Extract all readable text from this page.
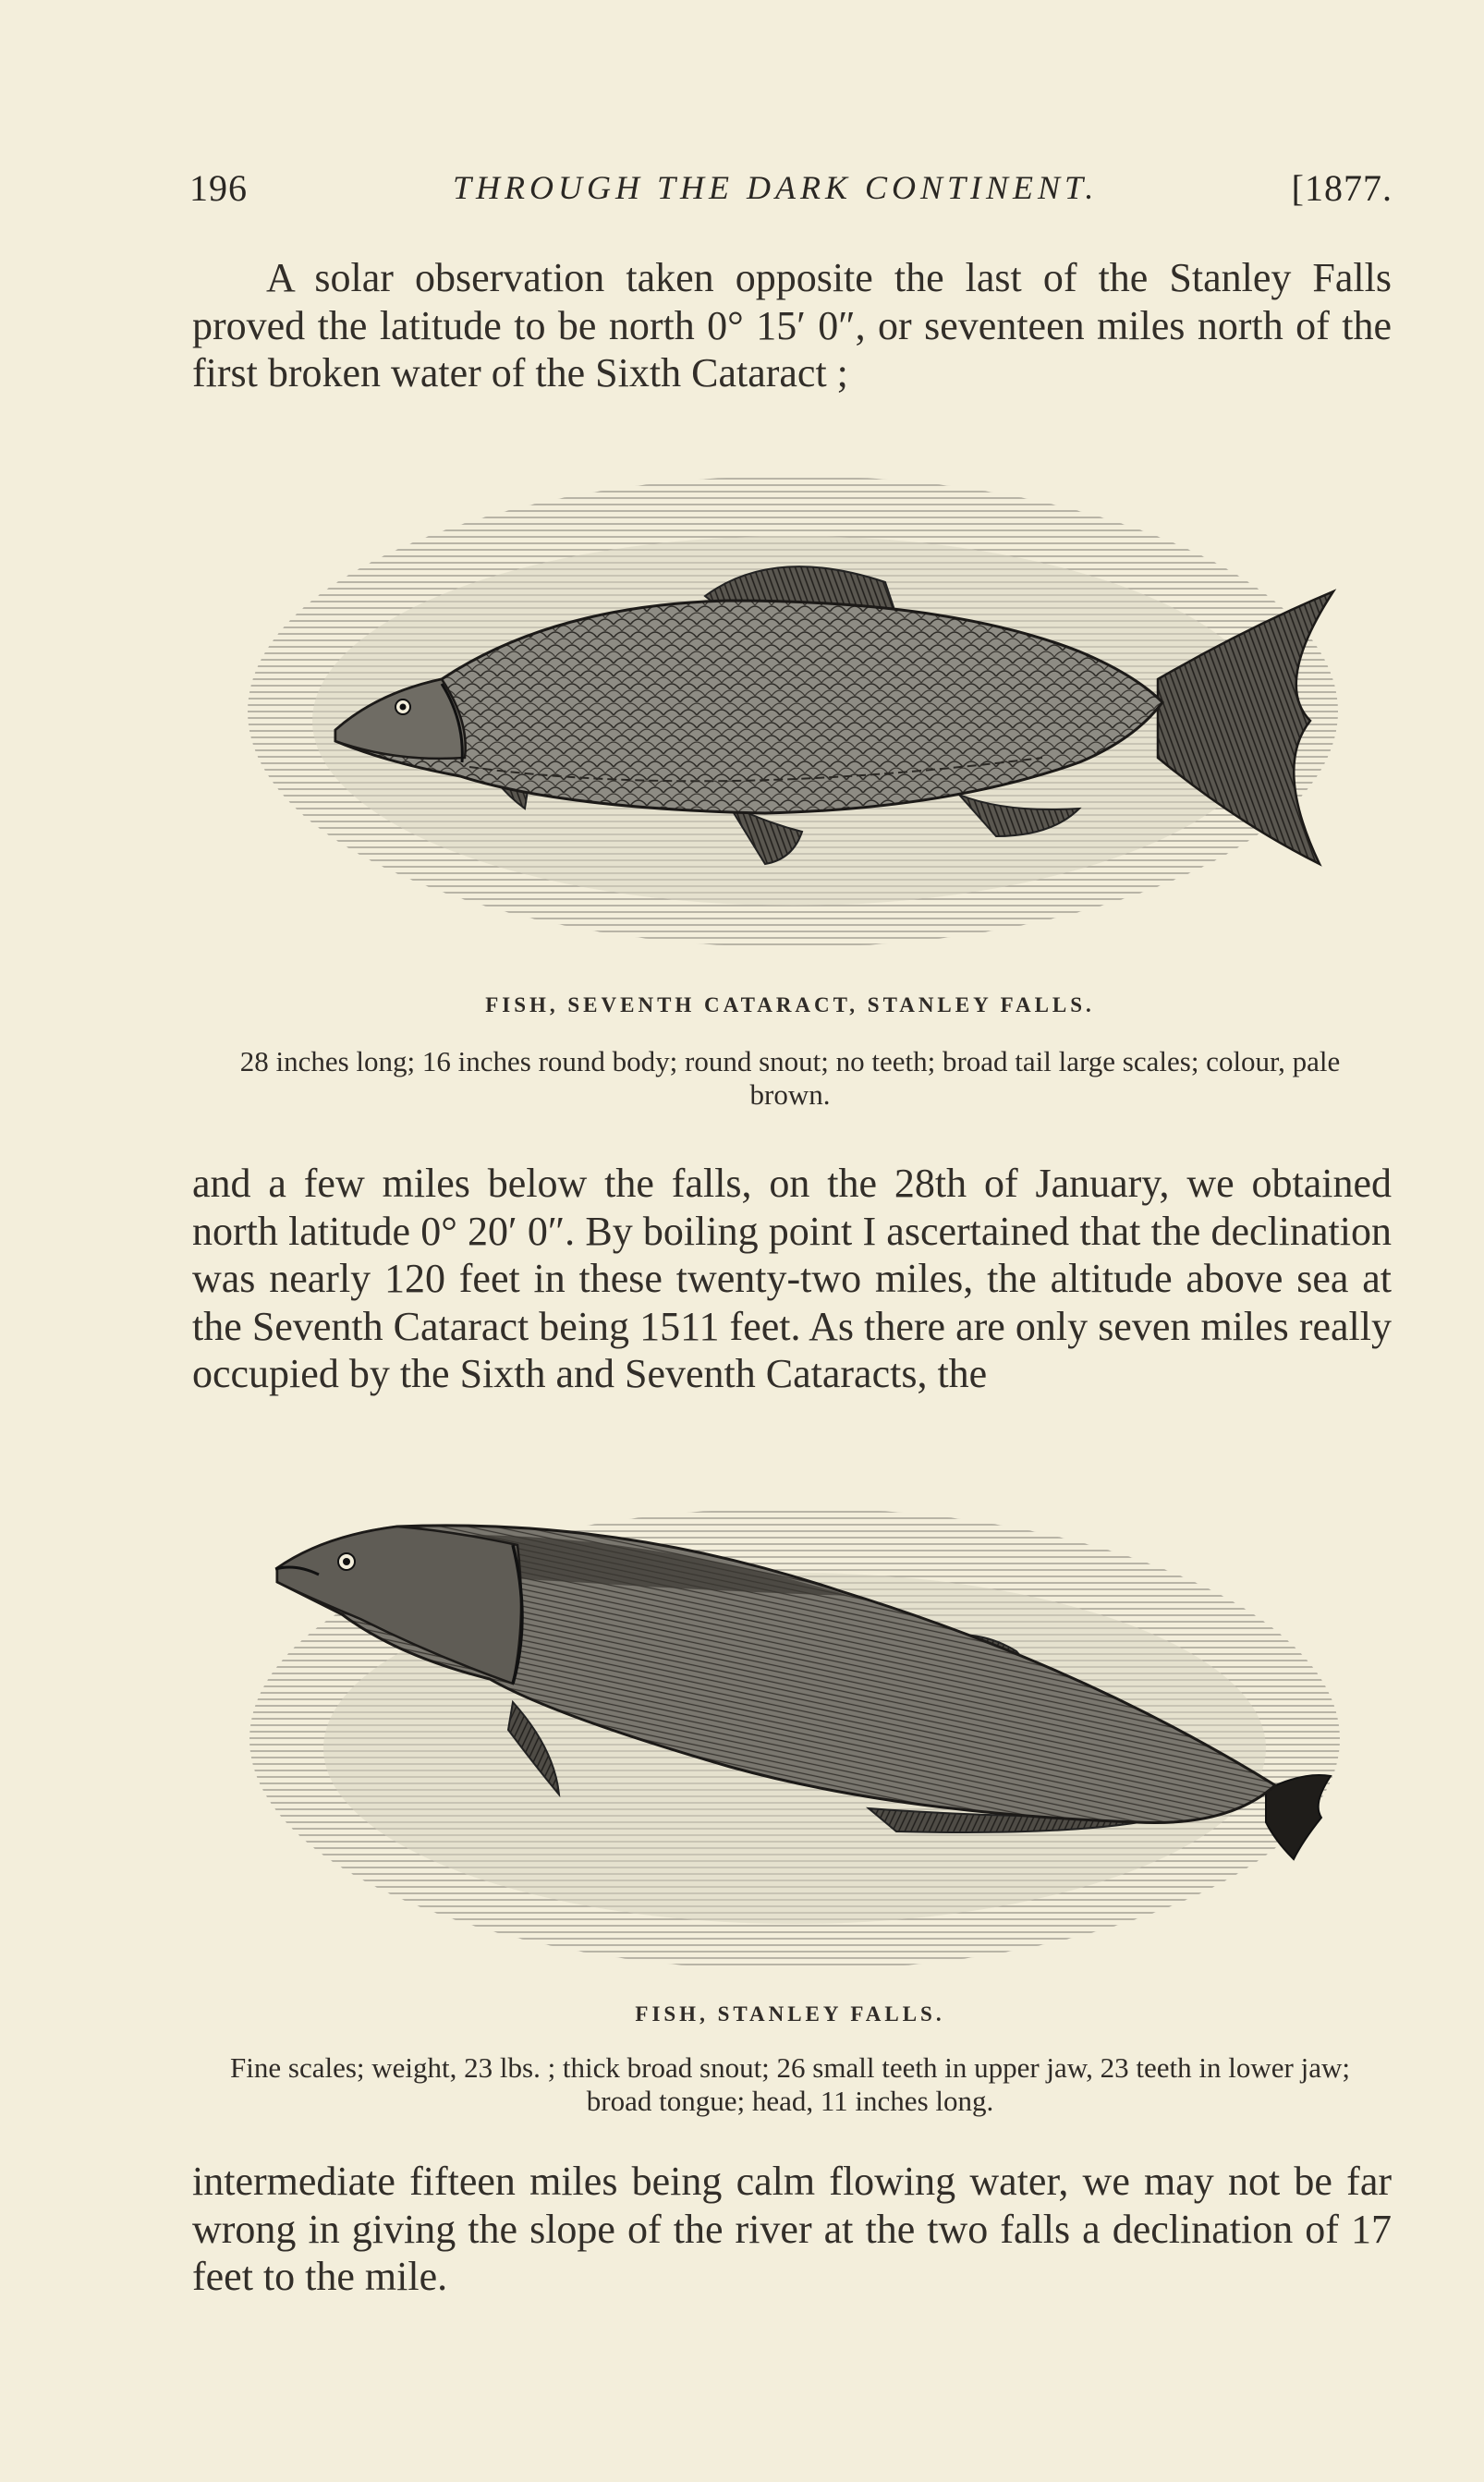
196	THROUGH THE DARK CONTINENT.	[1877.

A solar observation taken opposite the last of the Stanley Falls proved the latitude to be north 0° 15′ 0″, or seventeen miles north of the first broken water of the Sixth Cataract ;

FISH, SEVENTH CATARACT, STANLEY FALLS.
28 inches long; 16 inches round body; round snout; no teeth; broad tail large scales; colour, pale brown.

and a few miles below the falls, on the 28th of January, we obtained north latitude 0° 20′ 0″. By boiling point I ascertained that the declination was nearly 120 feet in these twenty-two miles, the altitude above sea at the Seventh Cataract being 1511 feet. As there are only seven miles really occupied by the Sixth and Seventh Cataracts, the

FISH, STANLEY FALLS.
Fine scales; weight, 23 lbs. ; thick broad snout; 26 small teeth in upper jaw, 23 teeth in lower jaw; broad tongue; head, 11 inches long.

intermediate fifteen miles being calm flowing water, we may not be far wrong in giving the slope of the river at the two falls a declination of 17 feet to the mile.
